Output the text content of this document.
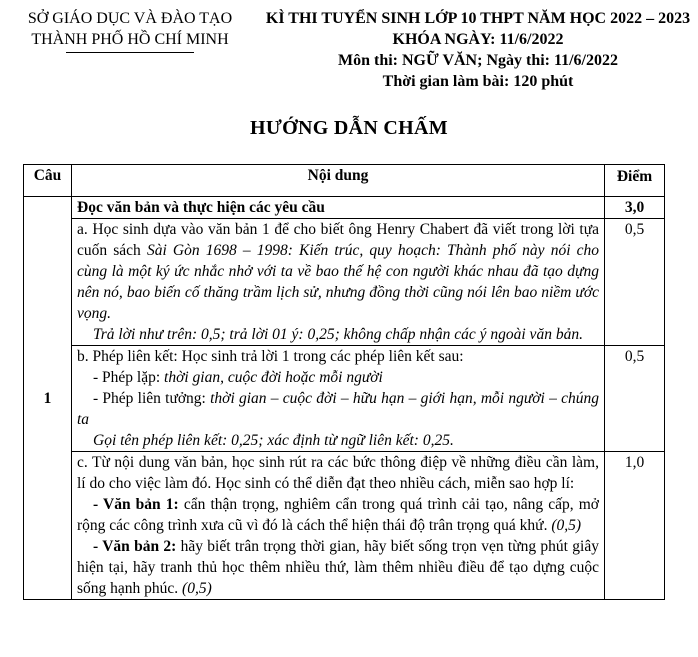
SỞ GIÁO DỤC VÀ ĐÀO TẠO
THÀNH PHỐ HỒ CHÍ MINH
KÌ THI TUYỂN SINH LỚP 10 THPT NĂM HỌC 2022 – 2023
KHÓA NGÀY: 11/6/2022
Môn thi: NGỮ VĂN; Ngày thi: 11/6/2022
Thời gian làm bài: 120 phút
HƯỚNG DẪN CHẤM
Câu	Nội dung	Điểm
1	Đọc văn bản và thực hiện các yêu cầu	3,0

	a. Học sinh dựa vào văn bản 1 để cho biết ông Henry Chabert đã viết trong lời tựa cuốn sách Sài Gòn 1698 – 1998: Kiến trúc, quy hoạch: Thành phố này nói cho cùng là một ký ức nhắc nhở với ta về bao thế hệ con người khác nhau đã tạo dựng nên nó, bao biến cố thăng trầm lịch sử, nhưng đồng thời cũng nói lên bao niềm ước vọng.

Trả lời như trên: 0,5; trả lời 01 ý: 0,25; không chấp nhận các ý ngoài văn bản.	0,5

	b. Phép liên kết: Học sinh trả lời 1 trong các phép liên kết sau:

- Phép lặp: thời gian, cuộc đời hoặc mỗi người

- Phép liên tưởng: thời gian – cuộc đời – hữu hạn – giới hạn, mỗi người – chúng ta

Gọi tên phép liên kết: 0,25; xác định từ ngữ liên kết: 0,25.	0,5

	c. Từ nội dung văn bản, học sinh rút ra các bức thông điệp về những điều cần làm, lí do cho việc làm đó. Học sinh có thể diễn đạt theo nhiều cách, miễn sao hợp lí:

- Văn bản 1: cẩn thận trọng, nghiêm cẩn trong quá trình cải tạo, nâng cấp, mở rộng các công trình xưa cũ vì đó là cách thể hiện thái độ trân trọng quá khứ. (0,5)

- Văn bản 2: hãy biết trân trọng thời gian, hãy biết sống trọn vẹn từng phút giây hiện tại, hãy tranh thủ học thêm nhiều thứ, làm thêm nhiều điều để tạo dựng cuộc sống hạnh phúc. (0,5)	1,0
